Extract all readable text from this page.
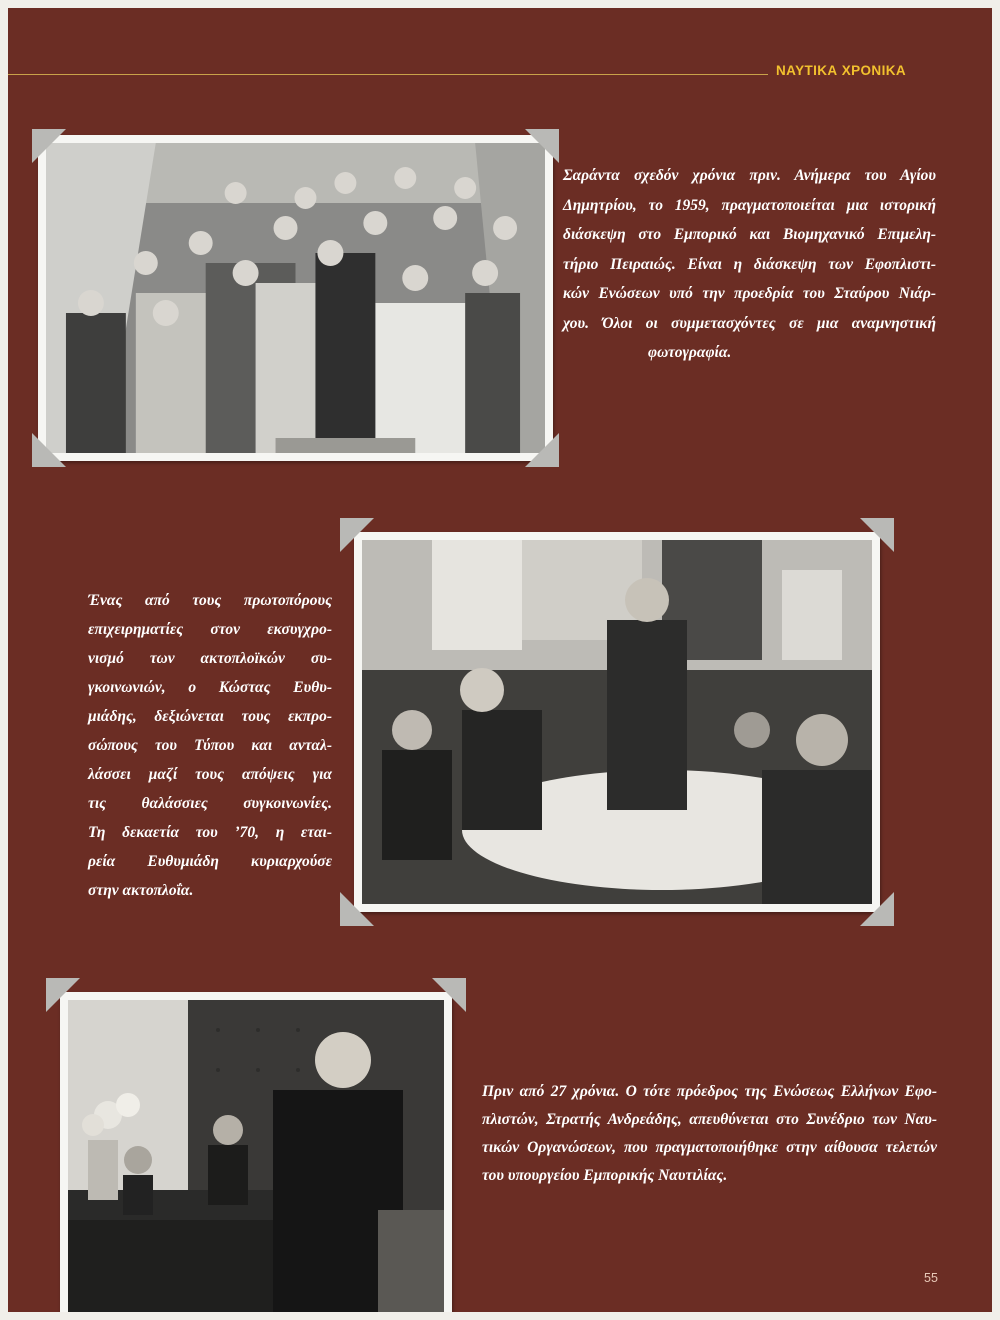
ΝΑΥΤΙΚΑ ΧΡΟΝΙΚΑ
Σαράντα σχεδόν χρόνια πριν. Ανήμερα του Αγίου
Δημητρίου, το 1959, πραγματοποιείται μια ιστορική
διάσκεψη στο Εμπορικό και Βιομηχανικό Επιμελη-
τήριο Πειραιώς. Είναι η διάσκεψη των Εφοπλιστι-
κών Ενώσεων υπό την προεδρία του Σταύρου Νιάρ-
χου. Όλοι οι συμμετασχόντες σε μια αναμνηστική
φωτογραφία.
Ένας από τους πρωτοπόρους
επιχειρηματίες στον εκσυγχρο-
νισμό των ακτοπλοϊκών συ-
γκοινωνιών, ο Κώστας Ευθυ-
μιάδης, δεξιώνεται τους εκπρο-
σώπους του Τύπου και ανταλ-
λάσσει μαζί τους απόψεις για
τις θαλάσσιες συγκοινωνίες.
Τη δεκαετία του ’70, η εται-
ρεία Ευθυμιάδη κυριαρχούσε
στην ακτοπλοΐα.
Πριν από 27 χρόνια. Ο τότε πρόεδρος της Ενώσεως Ελλήνων Εφο-
πλιστών, Στρατής Ανδρεάδης, απευθύνεται στο Συνέδριο των Ναυ-
τικών Οργανώσεων, που πραγματοποιήθηκε στην αίθουσα τελετών
του υπουργείου Εμπορικής Ναυτιλίας.
55
